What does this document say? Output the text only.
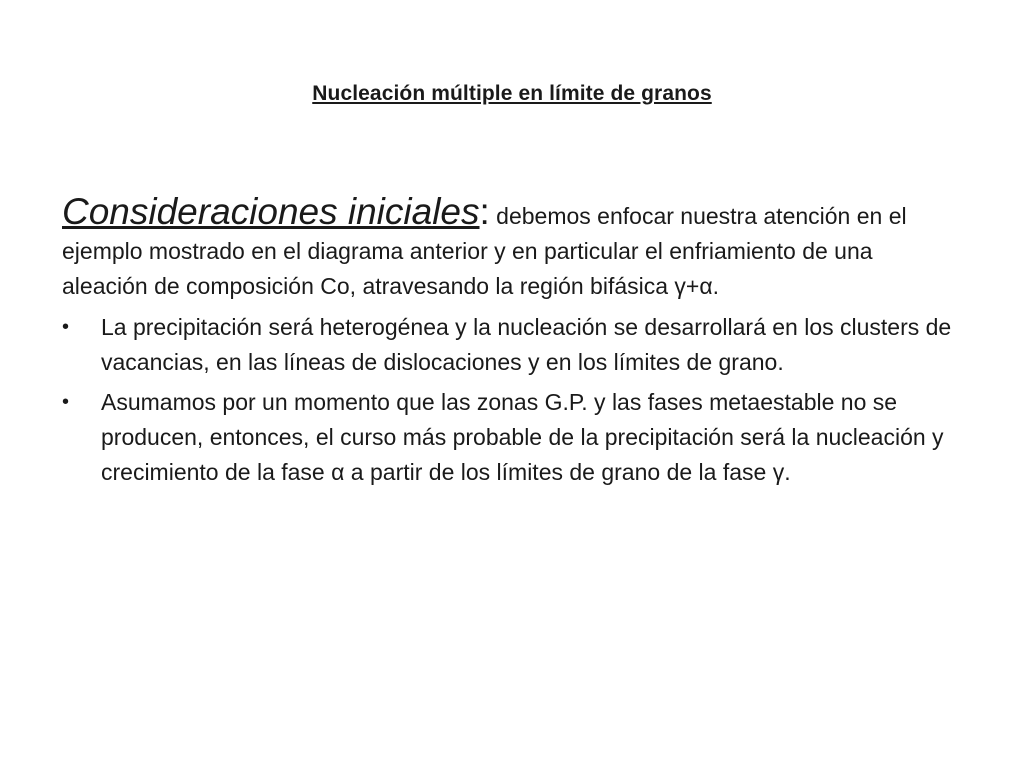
Nucleación múltiple en límite de granos

Consideraciones iniciales: debemos enfocar nuestra atención en el ejemplo mostrado en el diagrama anterior y en particular el enfriamiento de una aleación de composición Co, atravesando la región bifásica γ+α.

• La precipitación será heterogénea y la nucleación se desarrollará en los clusters de vacancias, en las líneas de dislocaciones y en los límites de grano.
• Asumamos por un momento que las zonas G.P. y las fases metaestable no se producen, entonces, el curso más probable de la precipitación será la nucleación y crecimiento de la fase α a partir de los límites de grano de la fase γ.
